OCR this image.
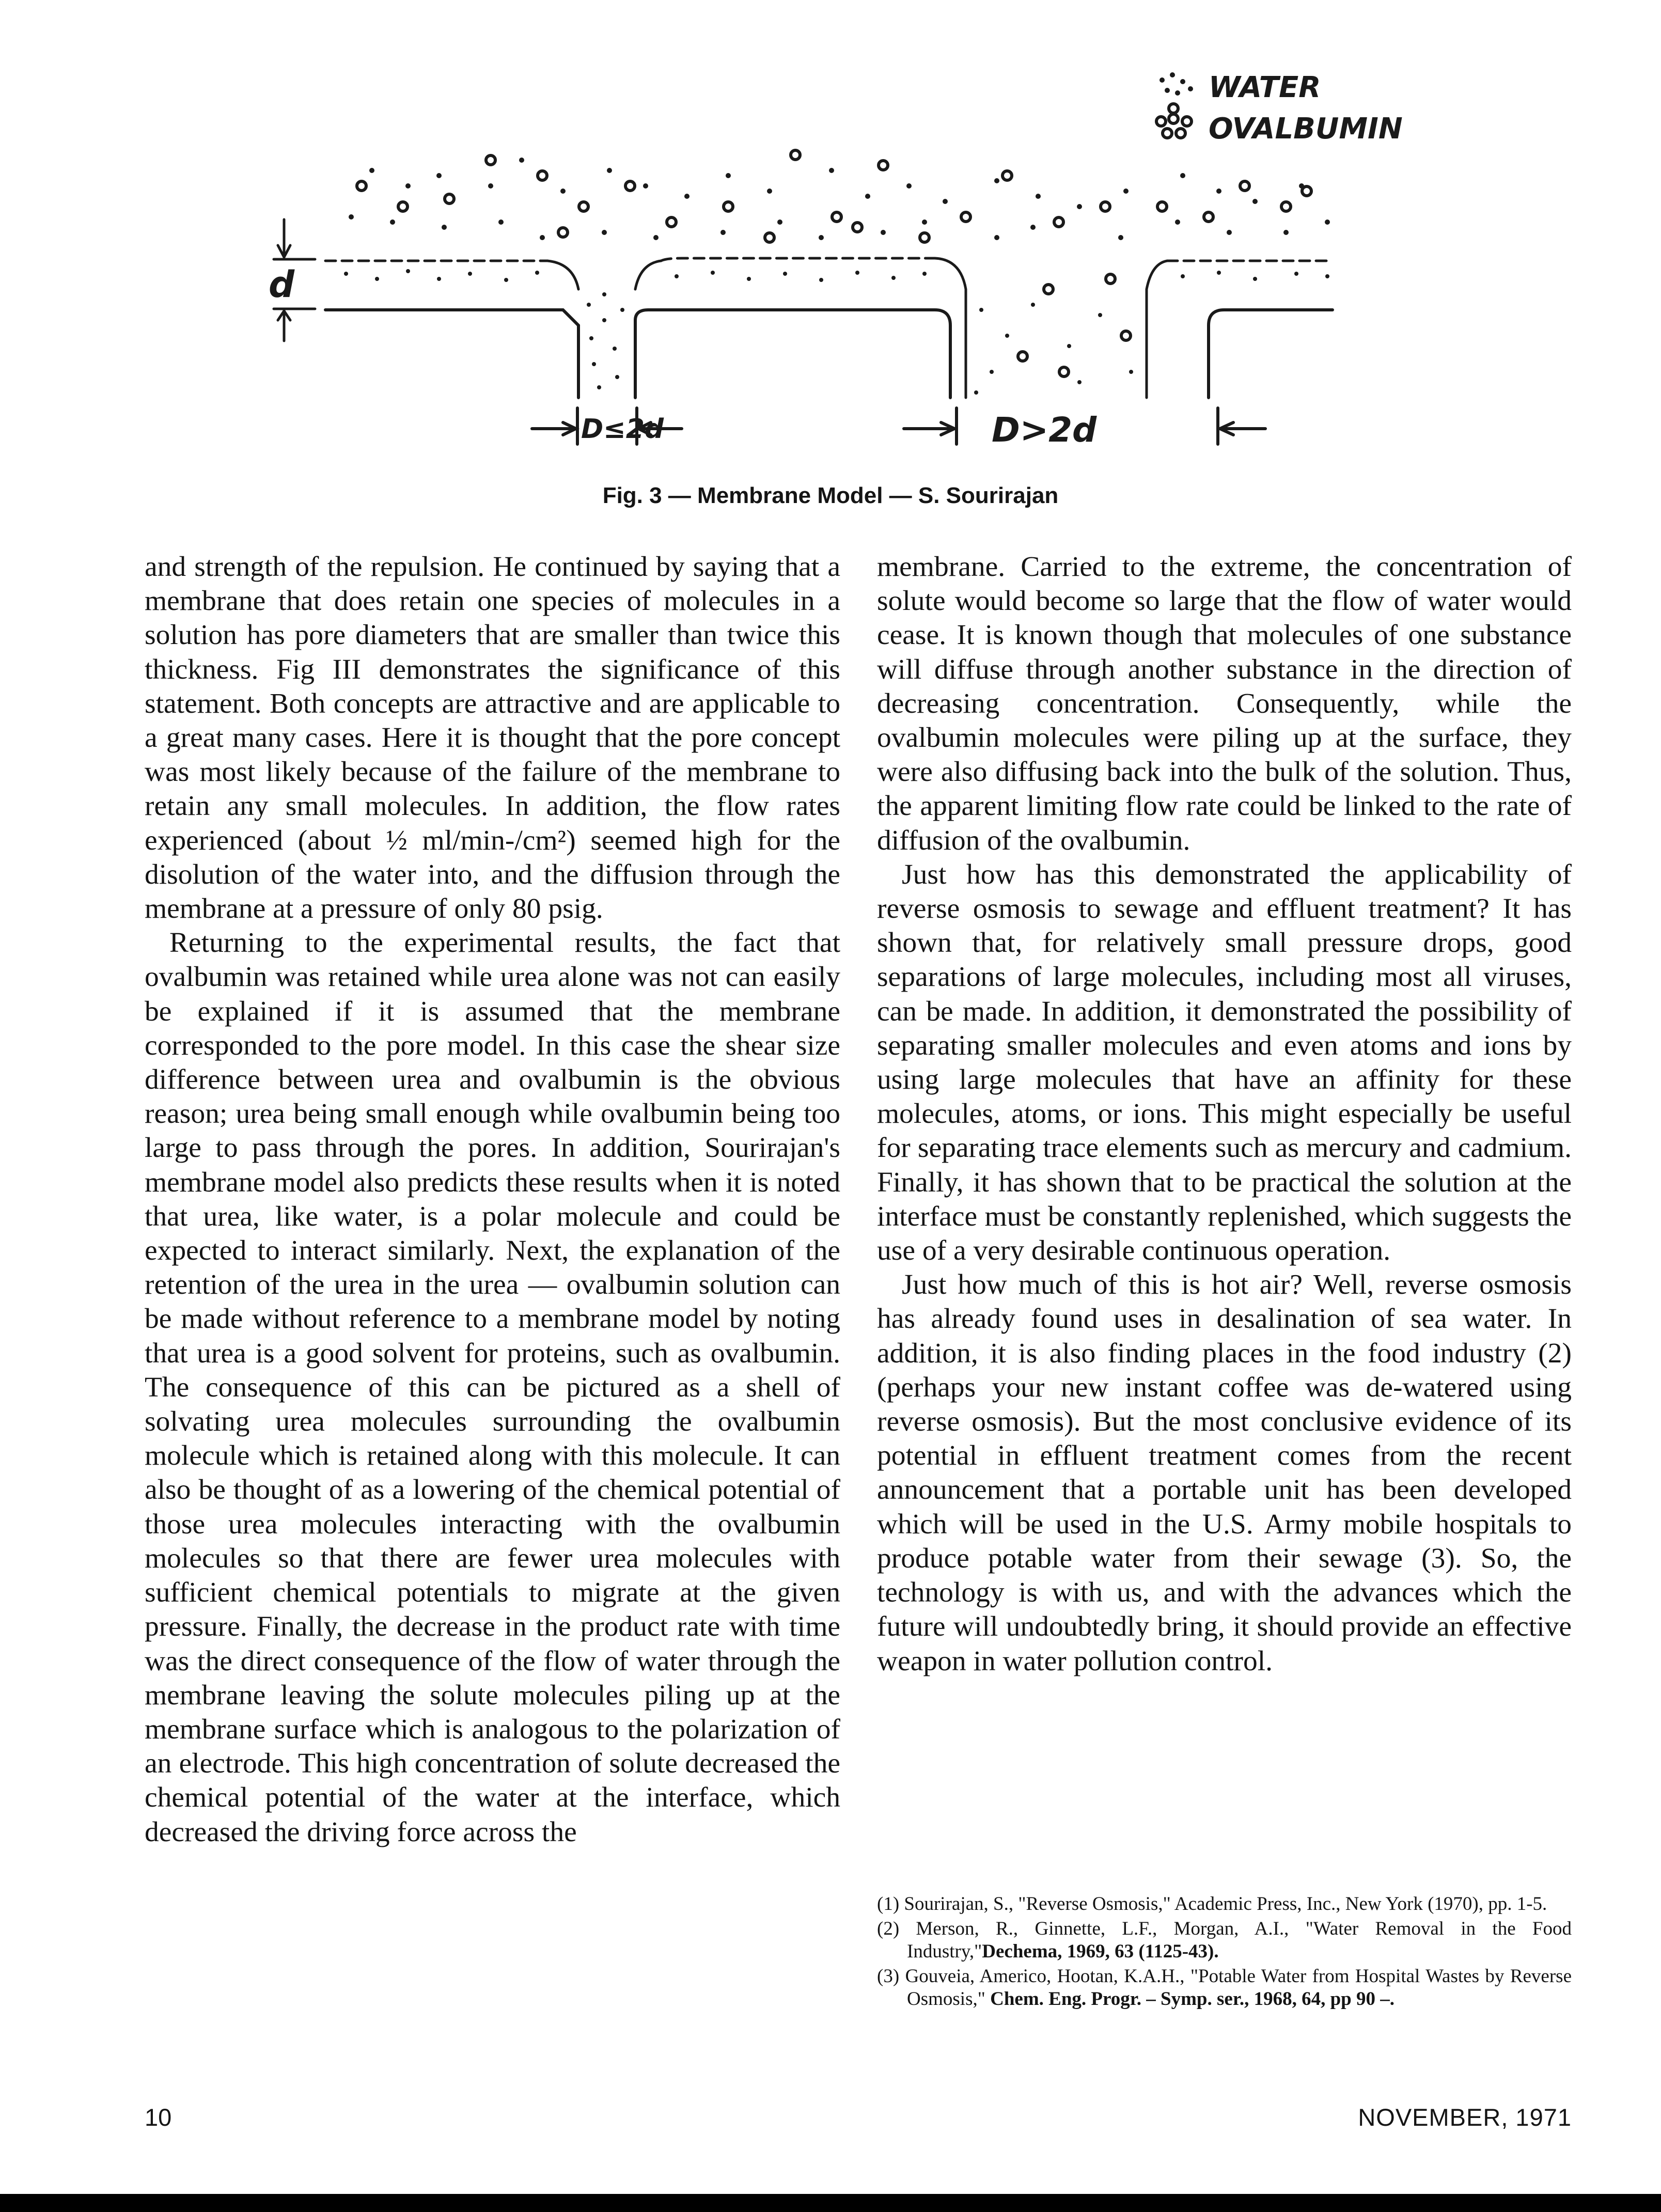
WATER
OVALBUMIN
d
D≤2d	D>2d
Fig. 3 — Membrane Model — S. Sourirajan

and strength of the repulsion. He continued by saying that a membrane that does retain one species of molecules in a solution has pore diameters that are smaller than twice this thickness. Fig III demonstrates the significance of this statement. Both concepts are attractive and are applicable to a great many cases. Here it is thought that the pore concept was most likely because of the failure of the membrane to retain any small molecules. In addition, the flow rates experienced (about ½ ml/min-/cm²) seemed high for the disolution of the water into, and the diffusion through the membrane at a pressure of only 80 psig.

Returning to the experimental results, the fact that ovalbumin was retained while urea alone was not can easily be explained if it is assumed that the membrane corresponded to the pore model. In this case the shear size difference between urea and ovalbumin is the obvious reason; urea being small enough while ovalbumin being too large to pass through the pores. In addition, Sourirajan's membrane model also predicts these results when it is noted that urea, like water, is a polar molecule and could be expected to interact similarly. Next, the explanation of the retention of the urea in the urea — ovalbumin solution can be made without reference to a membrane model by noting that urea is a good solvent for proteins, such as ovalbumin. The consequence of this can be pictured as a shell of solvating urea molecules surrounding the ovalbumin molecule which is retained along with this molecule. It can also be thought of as a lowering of the chemical potential of those urea molecules interacting with the ovalbumin molecules so that there are fewer urea molecules with sufficient chemical potentials to migrate at the given pressure. Finally, the decrease in the product rate with time was the direct consequence of the flow of water through the membrane leaving the solute molecules piling up at the membrane surface which is analogous to the polarization of an electrode. This high concentration of solute decreased the chemical potential of the water at the interface, which decreased the driving force across the

membrane. Carried to the extreme, the concentration of solute would become so large that the flow of water would cease. It is known though that molecules of one substance will diffuse through another substance in the direction of decreasing concentration. Consequently, while the ovalbumin molecules were piling up at the surface, they were also diffusing back into the bulk of the solution. Thus, the apparent limiting flow rate could be linked to the rate of diffusion of the ovalbumin.

Just how has this demonstrated the applicability of reverse osmosis to sewage and effluent treatment? It has shown that, for relatively small pressure drops, good separations of large molecules, including most all viruses, can be made. In addition, it demonstrated the possibility of separating smaller molecules and even atoms and ions by using large molecules that have an affinity for these molecules, atoms, or ions. This might especially be useful for separating trace elements such as mercury and cadmium. Finally, it has shown that to be practical the solution at the interface must be constantly replenished, which suggests the use of a very desirable continuous operation.

Just how much of this is hot air? Well, reverse osmosis has already found uses in desalination of sea water. In addition, it is also finding places in the food industry (2) (perhaps your new instant coffee was de-watered using reverse osmosis). But the most conclusive evidence of its potential in effluent treatment comes from the recent announcement that a portable unit has been developed which will be used in the U.S. Army mobile hospitals to produce potable water from their sewage (3). So, the technology is with us, and with the advances which the future will undoubtedly bring, it should provide an effective weapon in water pollution control.

(1) Sourirajan, S., "Reverse Osmosis," Academic Press, Inc., New York (1970), pp. 1-5.

(2) Merson, R., Ginnette, L.F., Morgan, A.I., "Water Removal in the Food Industry,"Dechema, 1969, 63 (1125-43).

(3) Gouveia, Americo, Hootan, K.A.H., "Potable Water from Hospital Wastes by Reverse Osmosis," Chem. Eng. Progr. – Symp. ser., 1968, 64, pp 90 –.

10	NOVEMBER, 1971
